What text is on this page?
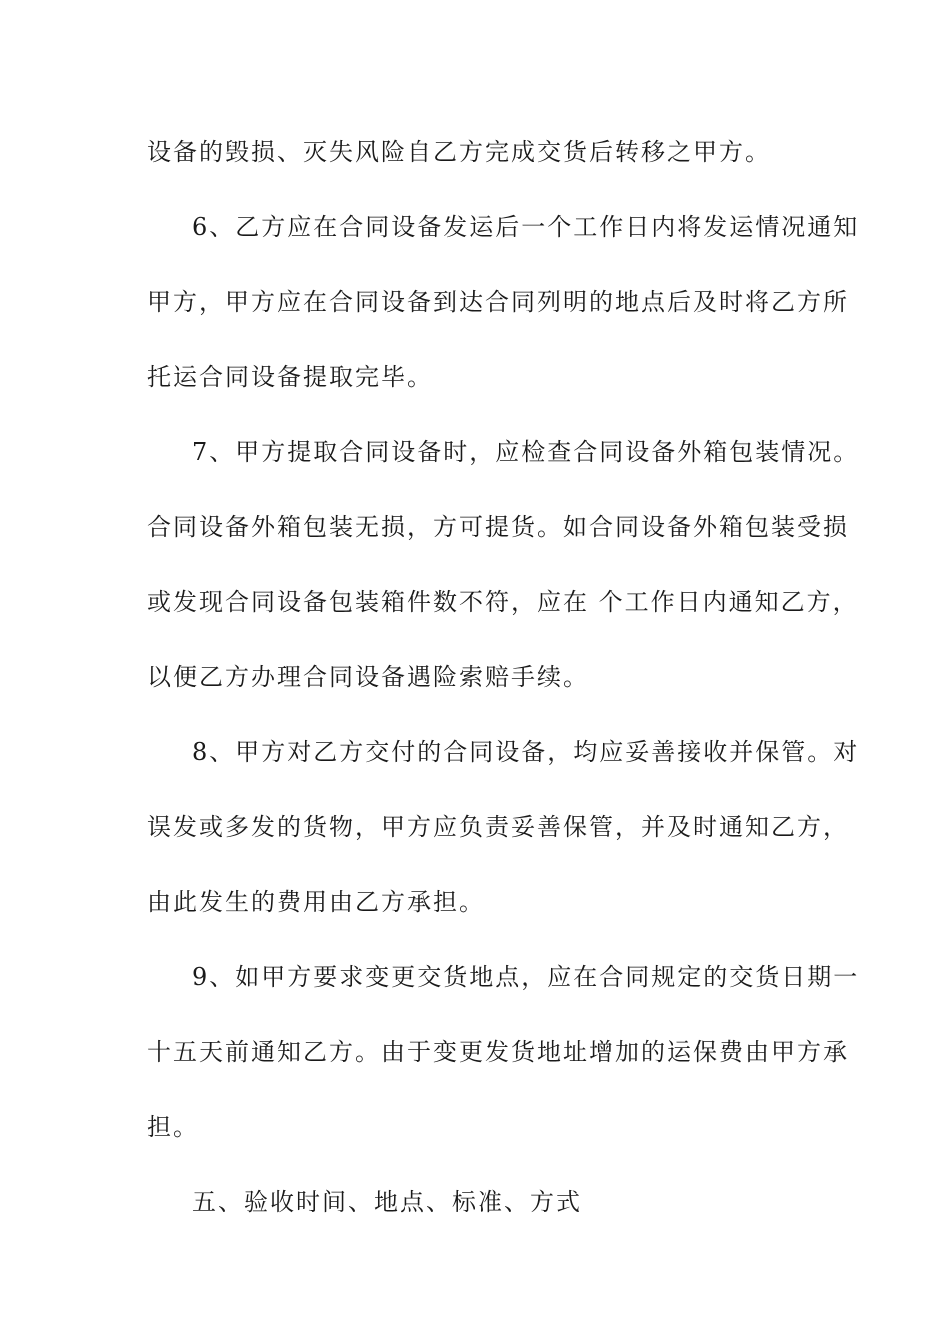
设备的毁损、灭失风险自乙方完成交货后转移之甲方。
6、乙方应在合同设备发运后一个工作日内将发运情况通知
甲方，甲方应在合同设备到达合同列明的地点后及时将乙方所
托运合同设备提取完毕。
7、甲方提取合同设备时，应检查合同设备外箱包装情况。
合同设备外箱包装无损，方可提货。如合同设备外箱包装受损
或发现合同设备包装箱件数不符，应在 个工作日内通知乙方，
以便乙方办理合同设备遇险索赔手续。
8、甲方对乙方交付的合同设备，均应妥善接收并保管。对
误发或多发的货物，甲方应负责妥善保管，并及时通知乙方，
由此发生的费用由乙方承担。
9、如甲方要求变更交货地点，应在合同规定的交货日期一
十五天前通知乙方。由于变更发货地址增加的运保费由甲方承
担。
五、验收时间、地点、标准、方式
